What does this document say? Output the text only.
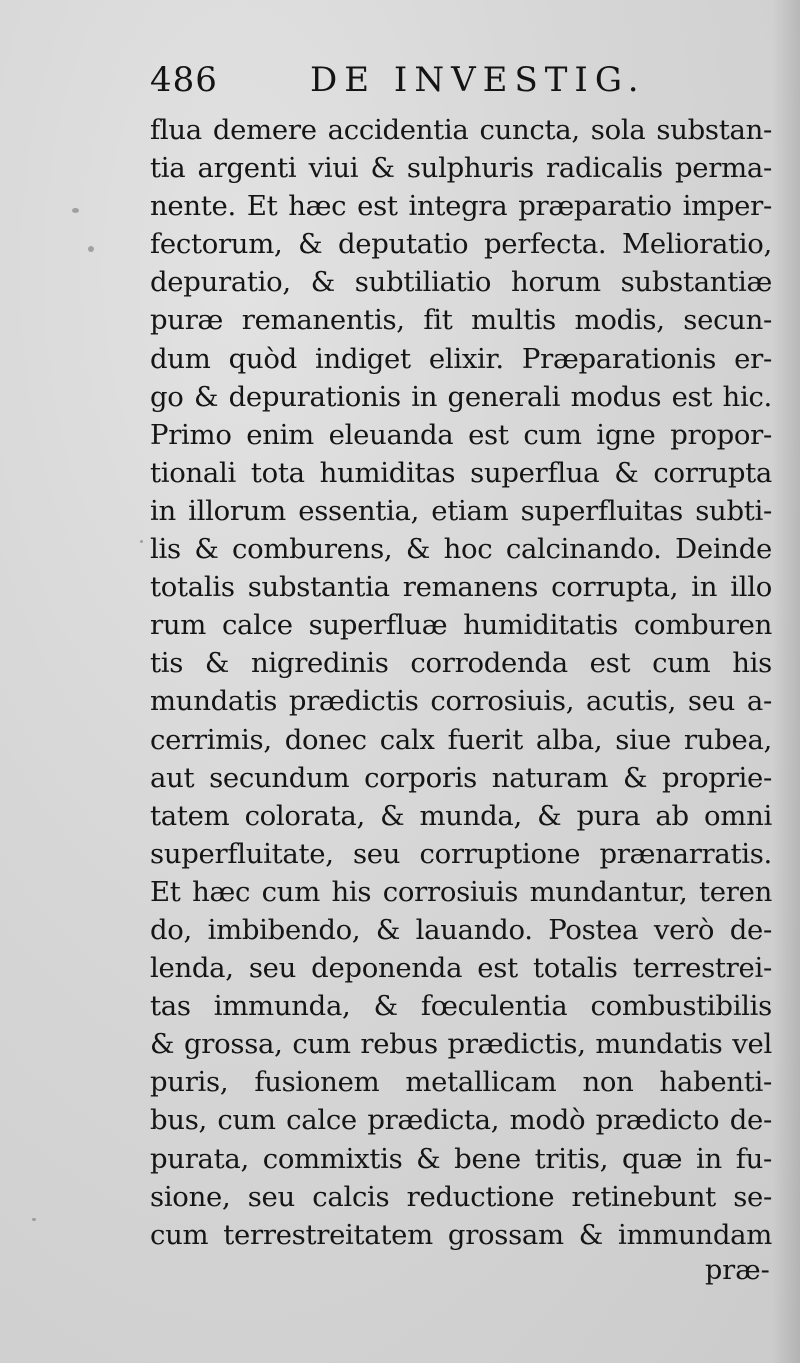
486	DE INVESTIG.
flua demere accidentia cuncta, sola substan-
tia argenti viui & sulphuris radicalis perma-
nente. Et hæc est integra præparatio imper-
fectorum, & deputatio perfecta. Melioratio,
depuratio, & subtiliatio horum substantiæ
puræ remanentis, fit multis modis, secun-
dum quòd indiget elixir. Præparationis er-
go & depurationis in generali modus est hic.
Primo enim eleuanda est cum igne propor-
tionali tota humiditas superflua & corrupta
in illorum essentia, etiam superfluitas subti-
lis & comburens, & hoc calcinando. Deinde
totalis substantia remanens corrupta, in illo
rum calce superfluæ humiditatis comburen
tis & nigredinis corrodenda est cum his
mundatis prædictis corrosiuis, acutis, seu a-
cerrimis, donec calx fuerit alba, siue rubea,
aut secundum corporis naturam & proprie-
tatem colorata, & munda, & pura ab omni
superfluitate, seu corruptione prænarratis.
Et hæc cum his corrosiuis mundantur, teren
do, imbibendo, & lauando. Postea verò de-
lenda, seu deponenda est totalis terrestrei-
tas immunda, & fœculentia combustibilis
& grossa, cum rebus prædictis, mundatis vel
puris, fusionem metallicam non habenti-
bus, cum calce prædicta, modò prædicto de-
purata, commixtis & bene tritis, quæ in fu-
sione, seu calcis reductione retinebunt se-
cum terrestreitatem grossam & immundam
præ-
